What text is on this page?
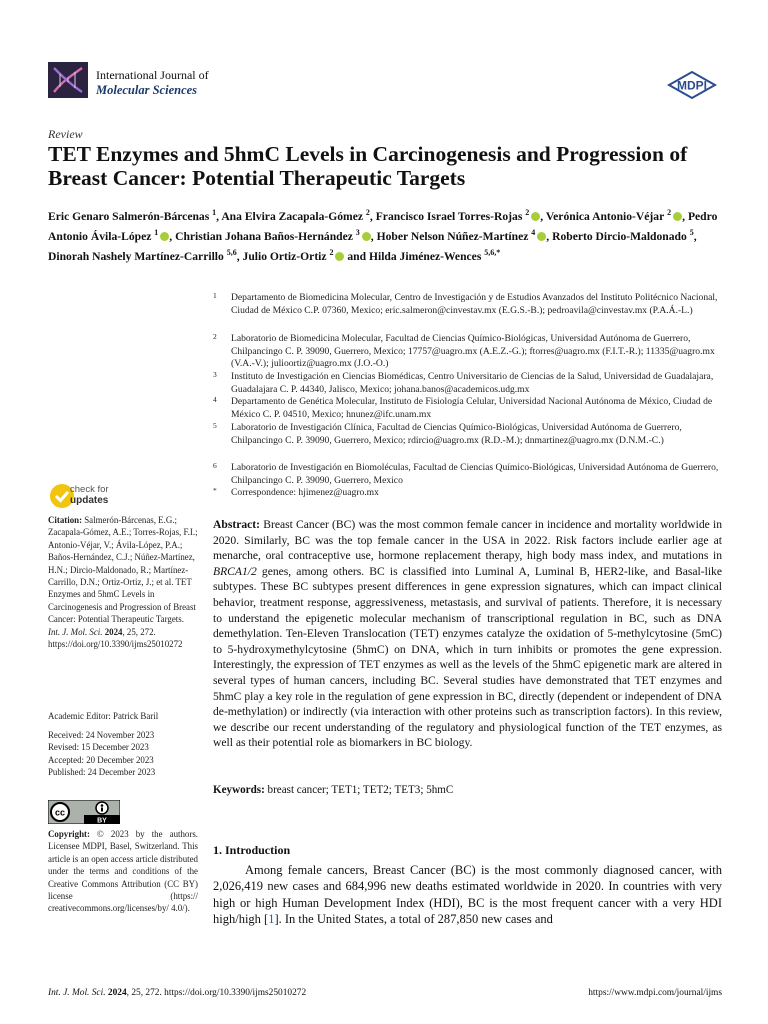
International Journal of
Molecular Sciences	MDPI
Review
TET Enzymes and 5hmC Levels in Carcinogenesis and Progression of Breast Cancer: Potential Therapeutic Targets
Eric Genaro Salmerón-Bárcenas $^1$, Ana Elvira Zacapala-Gómez $^2$, Francisco Israel Torres-Rojas $^2$ , Verónica Antonio-Véjar $^2$ , Pedro Antonio Ávila-López $^1$ , Christian Johana Baños-Hernández $^3$ , Hober Nelson Núñez-Martínez $^4$ , Roberto Dircio-Maldonado $^5$, Dinorah Nashely Martínez-Carrillo $^{5,6}$, Julio Ortiz-Ortiz $^2$ and Hilda Jiménez-Wences $^{5,6,*}$
1 Departamento de Biomedicina Molecular, Centro de Investigación y de Estudios Avanzados del Instituto Politécnico Nacional, Ciudad de México C.P. 07360, Mexico; eric.salmeron@cinvestav.mx (E.G.S.-B.); pedroavila@cinvestav.mx (P.A.Á.-L.)
2 Laboratorio de Biomedicina Molecular, Facultad de Ciencias Químico-Biológicas, Universidad Autónoma de Guerrero, Chilpancingo C. P. 39090, Guerrero, Mexico; 17757@uagro.mx (A.E.Z.-G.); ftorres@uagro.mx (F.I.T.-R.); 11335@uagro.mx (V.A.-V.); julioortiz@uagro.mx (J.O.-O.)
3 Instituto de Investigación en Ciencias Biomédicas, Centro Universitario de Ciencias de la Salud, Universidad de Guadalajara, Guadalajara C. P. 44340, Jalisco, Mexico; johana.banos@academicos.udg.mx
4 Departamento de Genética Molecular, Instituto de Fisiología Celular, Universidad Nacional Autónoma de México, Ciudad de México C. P. 04510, Mexico; hnunez@ifc.unam.mx
5 Laboratorio de Investigación Clínica, Facultad de Ciencias Químico-Biológicas, Universidad Autónoma de Guerrero, Chilpancingo C. P. 39090, Guerrero, Mexico; rdircio@uagro.mx (R.D.-M.); dnmartinez@uagro.mx (D.N.M.-C.)
6 Laboratorio de Investigación en Biomoléculas, Facultad de Ciencias Químico-Biológicas, Universidad Autónoma de Guerrero, Chilpancingo C. P. 39090, Guerrero, Mexico
* Correspondence: hjimenez@uagro.mx
check for
updates
Citation: Salmerón-Bárcenas, E.G.; Zacapala-Gómez, A.E.; Torres-Rojas, F.I.; Antonio-Véjar, V.; Ávila-López, P.A.; Baños-Hernández, C.J.; Núñez-Martínez, H.N.; Dircio-Maldonado, R.; Martínez-Carrillo, D.N.; Ortiz-Ortiz, J.; et al. TET Enzymes and 5hmC Levels in Carcinogenesis and Progression of Breast Cancer: Potential Therapeutic Targets. Int. J. Mol. Sci. 2024, 25, 272. https://doi.org/10.3390/ijms25010272
Academic Editor: Patrick Baril
Received: 24 November 2023
Revised: 15 December 2023
Accepted: 20 December 2023
Published: 24 December 2023
cc
BY
Copyright: © 2023 by the authors. Licensee MDPI, Basel, Switzerland. This article is an open access article distributed under the terms and conditions of the Creative Commons Attribution (CC BY) license (https:// creativecommons.org/licenses/by/ 4.0/).
Abstract: Breast Cancer (BC) was the most common female cancer in incidence and mortality worldwide in 2020. Similarly, BC was the top female cancer in the USA in 2022. Risk factors include earlier age at menarche, oral contraceptive use, hormone replacement therapy, high body mass index, and mutations in BRCA1/2 genes, among others. BC is classified into Luminal A, Luminal B, HER2-like, and Basal-like subtypes. These BC subtypes present differences in gene expression signatures, which can impact clinical behavior, treatment response, aggressiveness, metastasis, and survival of patients. Therefore, it is necessary to understand the epigenetic molecular mechanism of transcriptional regulation in BC, such as DNA demethylation. Ten-Eleven Translocation (TET) enzymes catalyze the oxidation of 5-methylcytosine (5mC) to 5-hydroxymethylcytosine (5hmC) on DNA, which in turn inhibits or promotes the gene expression. Interestingly, the expression of TET enzymes as well as the levels of the 5hmC epigenetic mark are altered in several types of human cancers, including BC. Several studies have demonstrated that TET enzymes and 5hmC play a key role in the regulation of gene expression in BC, directly (dependent or independent of DNA de-methylation) or indirectly (via interaction with other proteins such as transcription factors). In this review, we describe our recent understanding of the regulatory and physiological function of the TET enzymes, as well as their potential role as biomarkers in BC biology.
Keywords: breast cancer; TET1; TET2; TET3; 5hmC
1. Introduction
Among female cancers, Breast Cancer (BC) is the most commonly diagnosed cancer, with 2,026,419 new cases and 684,996 new deaths estimated worldwide in 2020. In countries with very high or high Human Development Index (HDI), BC is the most frequent cancer with a very HDI high/high [1]. In the United States, a total of 287,850 new cases and
Int. J. Mol. Sci. 2024, 25, 272. https://doi.org/10.3390/ijms25010272	https://www.mdpi.com/journal/ijms
